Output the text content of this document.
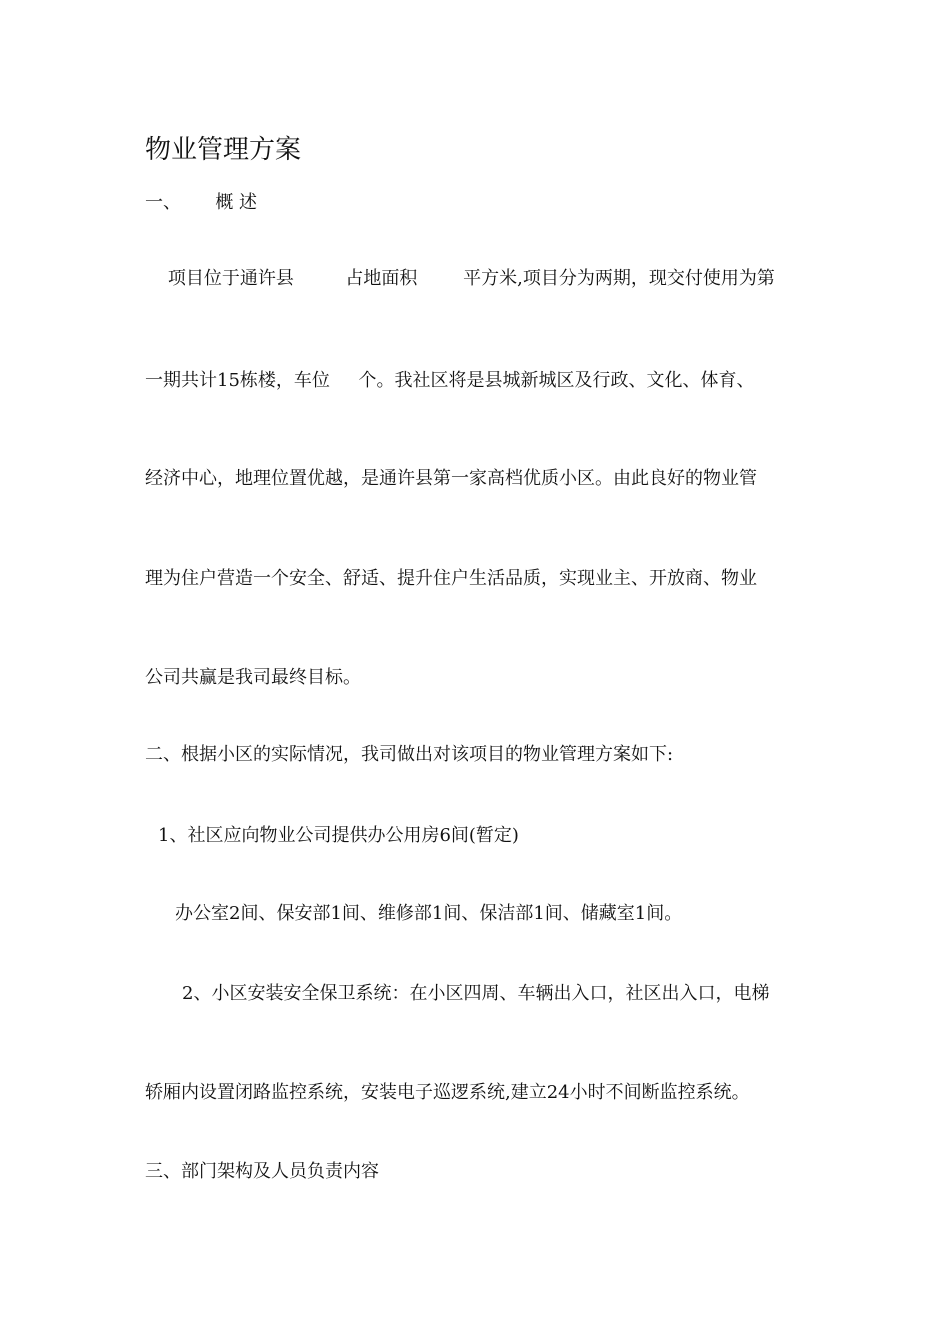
物业管理方案
一、      概 述
项目位于通许县         占地面积        平方米,项目分为两期，现交付使用为第
一期共计15栋楼，车位     个。我社区将是县城新城区及行政、文化、体育、
经济中心，地理位置优越，是通许县第一家高档优质小区。由此良好的物业管
理为住户营造一个安全、舒适、提升住户生活品质，实现业主、开放商、物业
公司共赢是我司最终目标。
二、根据小区的实际情况，我司做出对该项目的物业管理方案如下:
1、社区应向物业公司提供办公用房6间(暂定)
办公室2间、保安部1间、维修部1间、保洁部1间、储藏室1间。
2、小区安装安全保卫系统：在小区四周、车辆出入口，社区出入口，电梯
轿厢内设置闭路监控系统，安装电子巡逻系统,建立24小时不间断监控系统。
三、部门架构及人员负责内容
